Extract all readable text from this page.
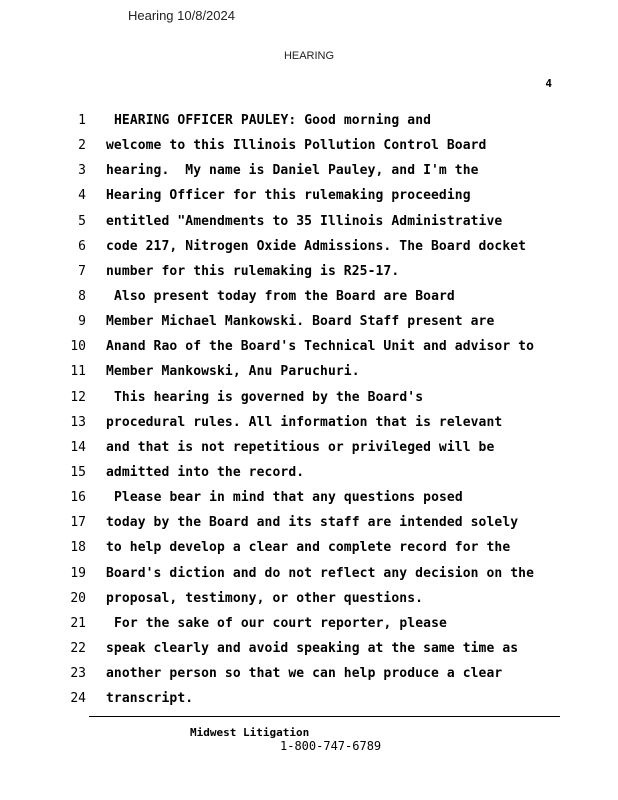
Hearing 10/8/2024
HEARING
4
1 HEARING OFFICER PAULEY: Good morning and
2 welcome to this Illinois Pollution Control Board
3 hearing.  My name is Daniel Pauley, and I'm the
4 Hearing Officer for this rulemaking proceeding
5 entitled "Amendments to 35 Illinois Administrative
6 code 217, Nitrogen Oxide Admissions. The Board docket
7 number for this rulemaking is R25-17.
8 Also present today from the Board are Board
9 Member Michael Mankowski. Board Staff present are
10 Anand Rao of the Board's Technical Unit and advisor to
11 Member Mankowski, Anu Paruchuri.
12 This hearing is governed by the Board's
13 procedural rules. All information that is relevant
14 and that is not repetitious or privileged will be
15 admitted into the record.
16 Please bear in mind that any questions posed
17 today by the Board and its staff are intended solely
18 to help develop a clear and complete record for the
19 Board's diction and do not reflect any decision on the
20 proposal, testimony, or other questions.
21 For the sake of our court reporter, please
22 speak clearly and avoid speaking at the same time as
23 another person so that we can help produce a clear
24 transcript.
Midwest Litigation
1-800-747-6789
